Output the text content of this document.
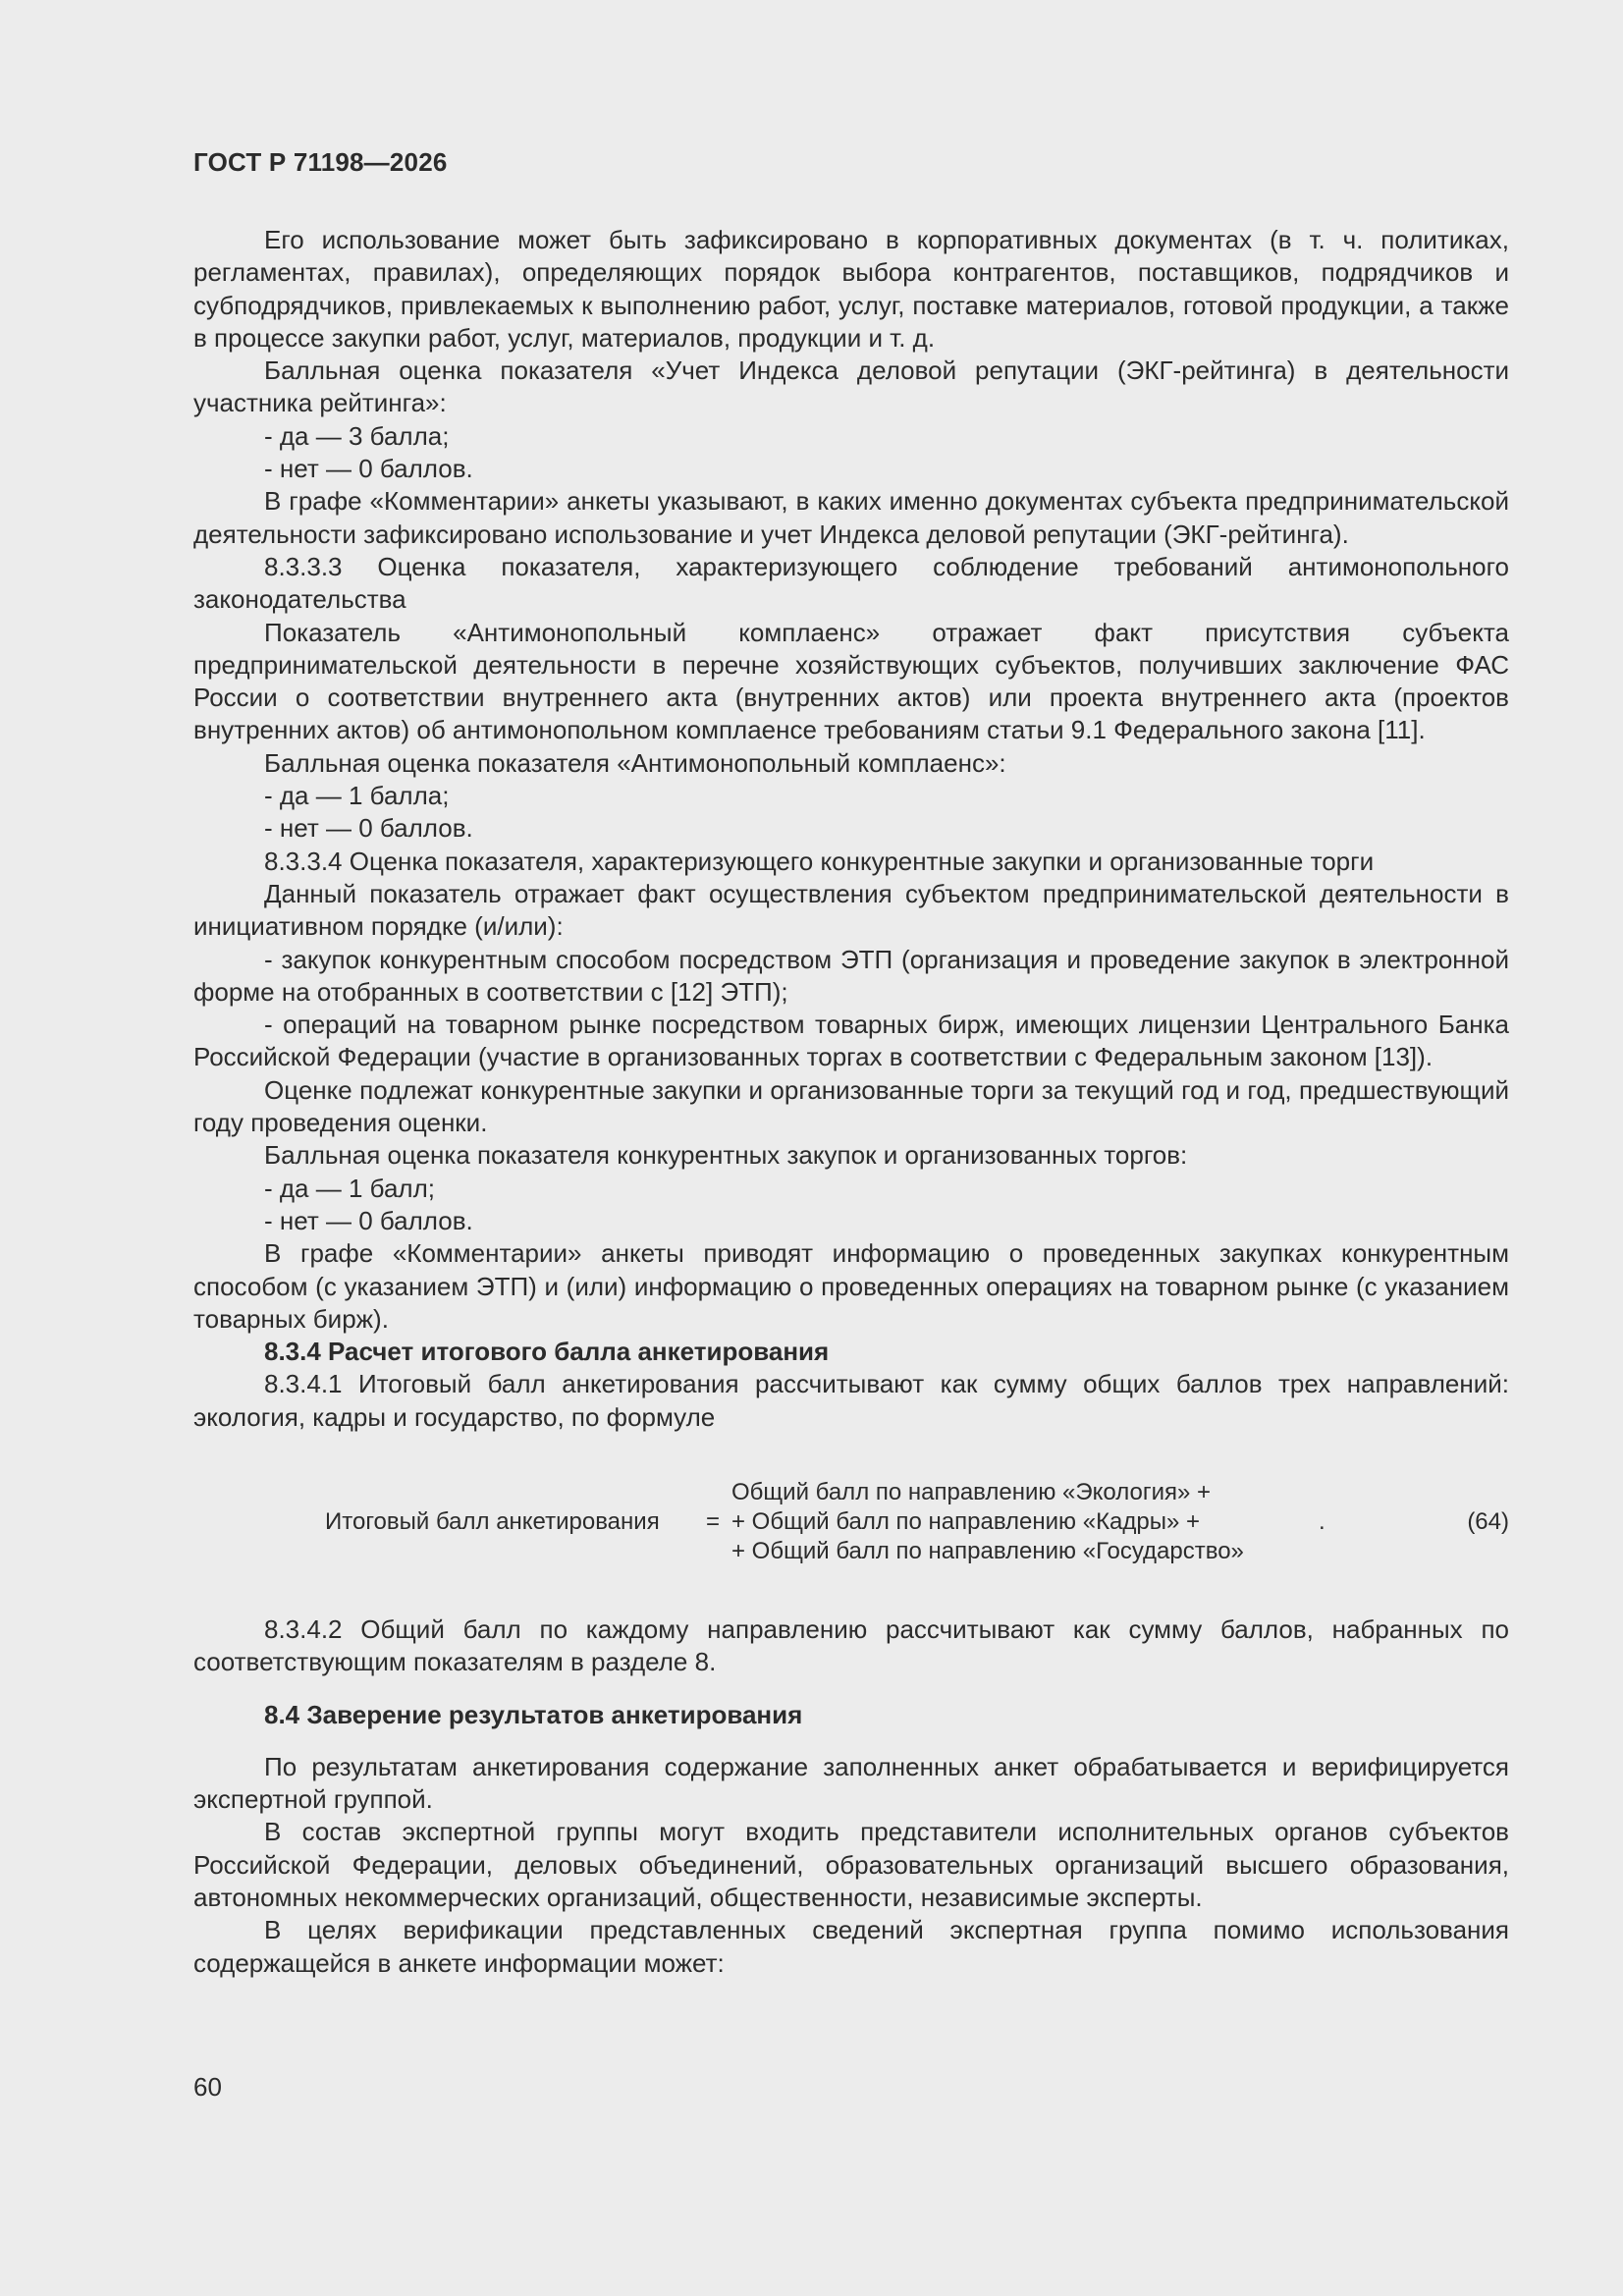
ГОСТ Р 71198—2026

Его использование может быть зафиксировано в корпоративных документах (в т. ч. политиках, регламентах, правилах), определяющих порядок выбора контрагентов, поставщиков, подрядчиков и субподрядчиков, привлекаемых к выполнению работ, услуг, поставке материалов, готовой продукции, а также в процессе закупки работ, услуг, материалов, продукции и т. д.

Балльная оценка показателя «Учет Индекса деловой репутации (ЭКГ-рейтинга) в деятельности участника рейтинга»:

- да — 3 балла;

- нет — 0 баллов.

В графе «Комментарии» анкеты указывают, в каких именно документах субъекта предпринимательской деятельности зафиксировано использование и учет Индекса деловой репутации (ЭКГ-рейтинга).

8.3.3.3 Оценка показателя, характеризующего соблюдение требований антимонопольного законодательства

Показатель «Антимонопольный комплаенс» отражает факт присутствия субъекта предпринимательской деятельности в перечне хозяйствующих субъектов, получивших заключение ФАС России о соответствии внутреннего акта (внутренних актов) или проекта внутреннего акта (проектов внутренних актов) об антимонопольном комплаенсе требованиям статьи 9.1 Федерального закона [11].

Балльная оценка показателя «Антимонопольный комплаенс»:

- да — 1 балла;

- нет — 0 баллов.

8.3.3.4 Оценка показателя, характеризующего конкурентные закупки и организованные торги

Данный показатель отражает факт осуществления субъектом предпринимательской деятельности в инициативном порядке (и/или):

- закупок конкурентным способом посредством ЭТП (организация и проведение закупок в электронной форме на отобранных в соответствии с [12] ЭТП);

- операций на товарном рынке посредством товарных бирж, имеющих лицензии Центрального Банка Российской Федерации (участие в организованных торгах в соответствии с Федеральным законом [13]).

Оценке подлежат конкурентные закупки и организованные торги за текущий год и год, предшествующий году проведения оценки.

Балльная оценка показателя конкурентных закупок и организованных торгов:

- да — 1 балл;

- нет — 0 баллов.

В графе «Комментарии» анкеты приводят информацию о проведенных закупках конкурентным способом (с указанием ЭТП) и (или) информацию о проведенных операциях на товарном рынке (с указанием товарных бирж).

8.3.4 Расчет итогового балла анкетирования

8.3.4.1 Итоговый балл анкетирования рассчитывают как сумму общих баллов трех направлений: экология, кадры и государство, по формуле

Итоговый балл анкетирования =
Общий балл по направлению «Экология» +
+ Общий балл по направлению «Кадры» +
+ Общий балл по направлению «Государство»
.	(64)

8.3.4.2 Общий балл по каждому направлению рассчитывают как сумму баллов, набранных по соответствующим показателям в разделе 8.

8.4 Заверение результатов анкетирования

По результатам анкетирования содержание заполненных анкет обрабатывается и верифицируется экспертной группой.

В состав экспертной группы могут входить представители исполнительных органов субъектов Российской Федерации, деловых объединений, образовательных организаций высшего образования, автономных некоммерческих организаций, общественности, независимые эксперты.

В целях верификации представленных сведений экспертная группа помимо использования содержащейся в анкете информации может:

60
